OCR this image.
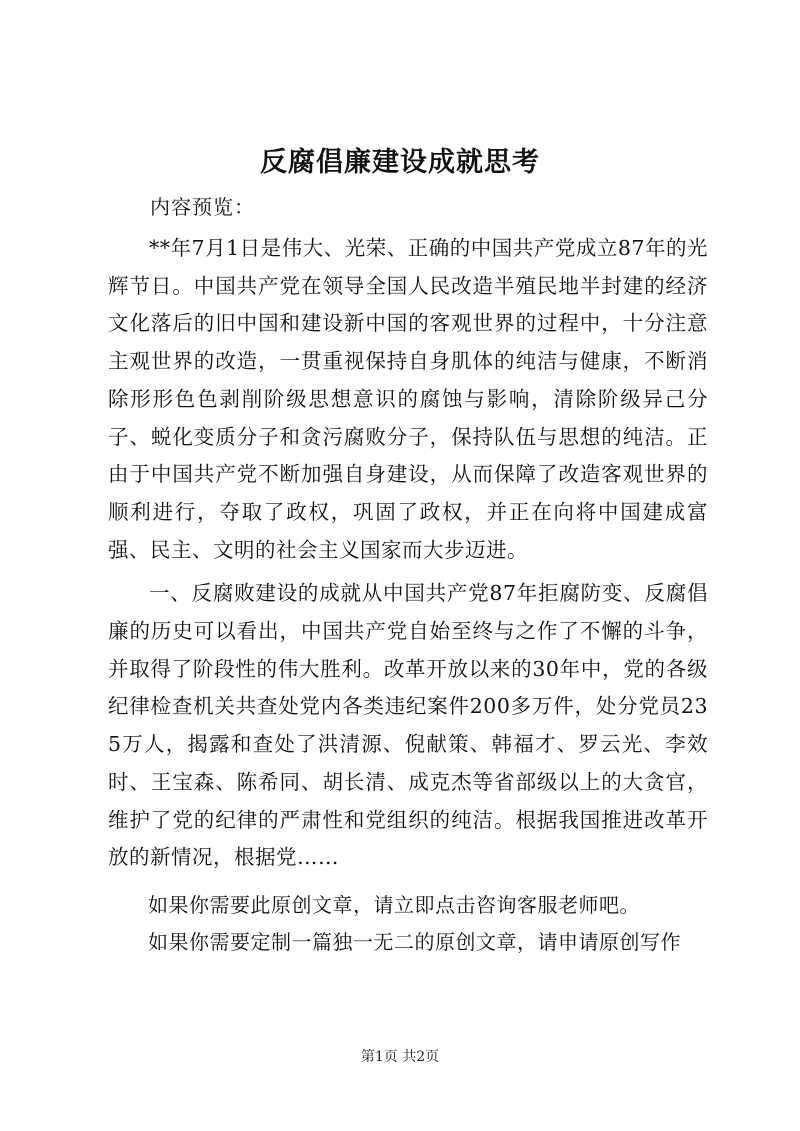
反腐倡廉建设成就思考

内容预览：

**年7月1日是伟大、光荣、正确的中国共产党成立87年的光辉节日。中国共产党在领导全国人民改造半殖民地半封建的经济文化落后的旧中国和建设新中国的客观世界的过程中，十分注意主观世界的改造，一贯重视保持自身肌体的纯洁与健康，不断消除形形色色剥削阶级思想意识的腐蚀与影响，清除阶级异己分子、蜕化变质分子和贪污腐败分子，保持队伍与思想的纯洁。正由于中国共产党不断加强自身建设，从而保障了改造客观世界的顺利进行，夺取了政权，巩固了政权，并正在向将中国建成富强、民主、文明的社会主义国家而大步迈进。

一、反腐败建设的成就从中国共产党87年拒腐防变、反腐倡廉的历史可以看出，中国共产党自始至终与之作了不懈的斗争，并取得了阶段性的伟大胜利。改革开放以来的30年中，党的各级纪律检查机关共查处党内各类违纪案件200多万件，处分党员235万人，揭露和查处了洪清源、倪献策、韩福才、罗云光、李效时、王宝森、陈希同、胡长清、成克杰等省部级以上的大贪官，维护了党的纪律的严肃性和党组织的纯洁。根据我国推进改革开放的新情况，根据党……

如果你需要此原创文章，请立即点击咨询客服老师吧。

如果你需要定制一篇独一无二的原创文章，请申请原创写作

第1页 共2页
